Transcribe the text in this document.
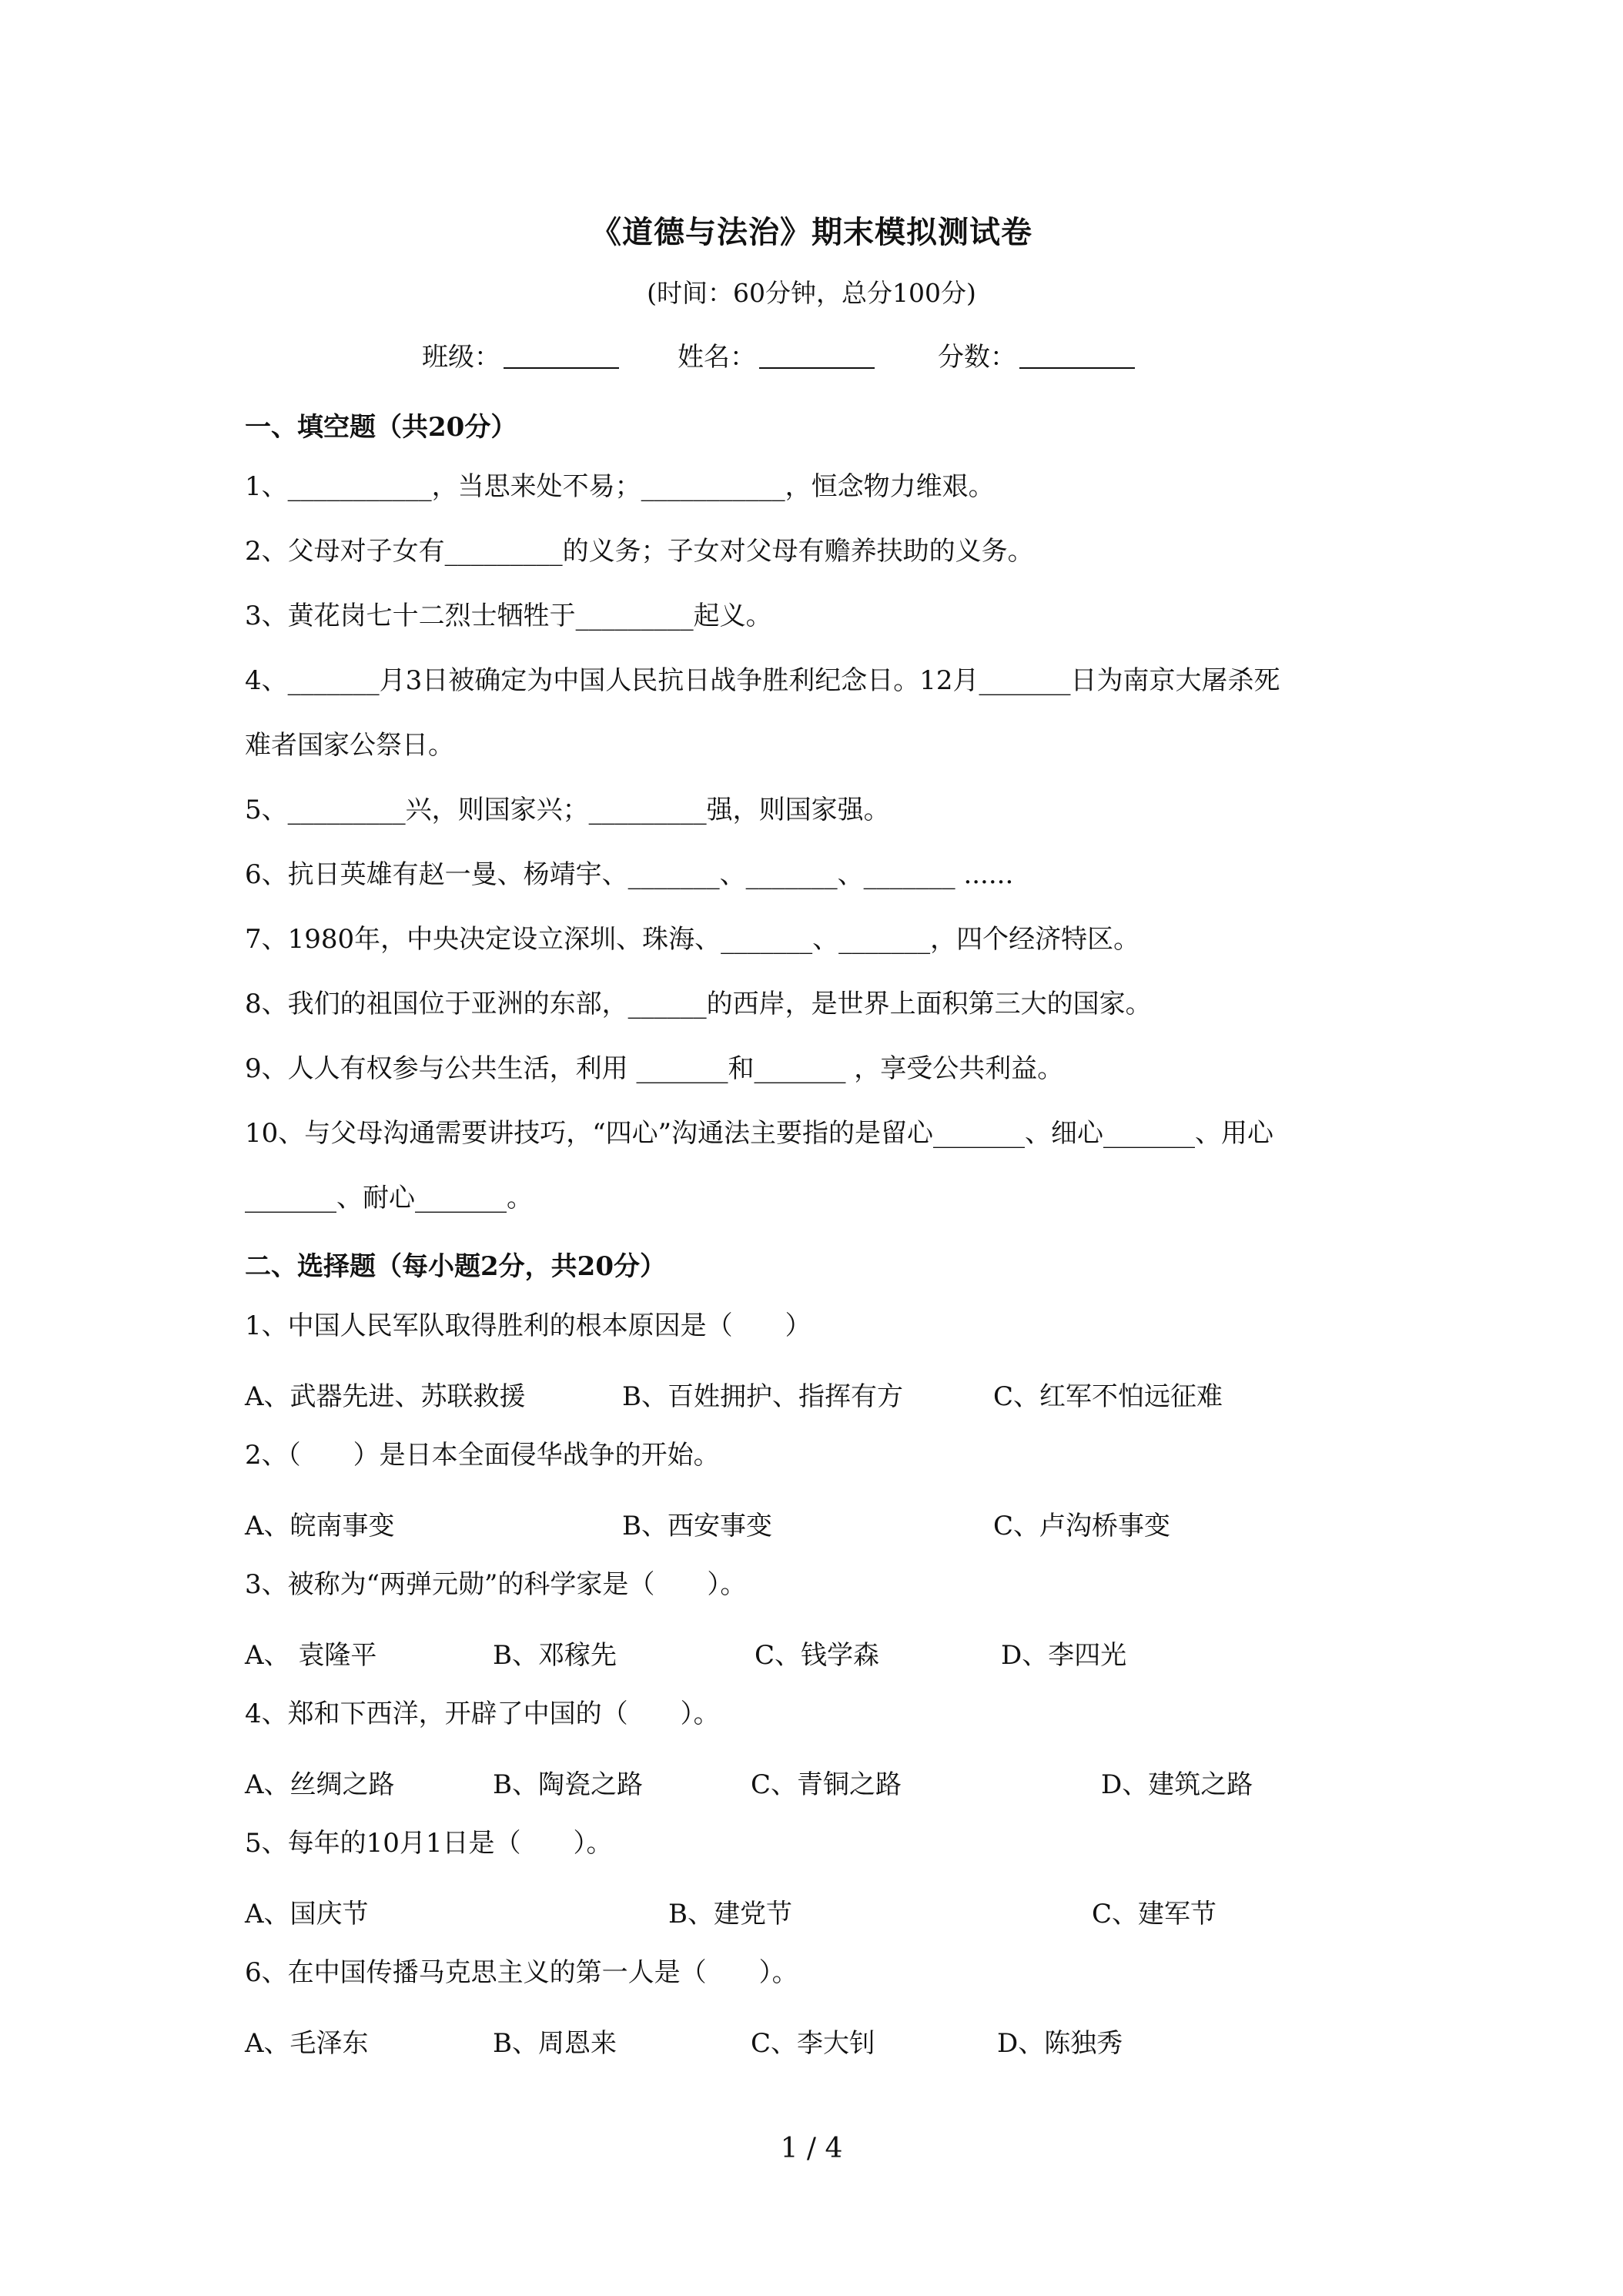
《道德与法治》期末模拟测试卷
(时间：60分钟，总分100分)
班级：	姓名：	分数：
一、填空题（共20分）
1、___________，当思来处不易；___________，恒念物力维艰。
2、父母对子女有_________的义务；子女对父母有赡养扶助的义务。
3、黄花岗七十二烈士牺牲于_________起义。
4、_______月3日被确定为中国人民抗日战争胜利纪念日。12月_______日为南京大屠杀死
难者国家公祭日。
5、_________兴，则国家兴；_________强，则国家强。
6、抗日英雄有赵一曼、杨靖宇、_______、_______、_______ ......
7、1980年，中央决定设立深圳、珠海、_______、_______，四个经济特区。
8、我们的祖国位于亚洲的东部，______的西岸，是世界上面积第三大的国家。
9、人人有权参与公共生活，利用 _______和_______ ，享受公共利益。
10、与父母沟通需要讲技巧，“四心”沟通法主要指的是留心_______、细心_______、用心
_______、耐心_______。
二、选择题（每小题2分，共20分）
1、中国人民军队取得胜利的根本原因是（　　）
A、武器先进、苏联救援	B、百姓拥护、指挥有方	C、红军不怕远征难
2、（　　）是日本全面侵华战争的开始。
A、皖南事变	B、西安事变	C、卢沟桥事变
3、被称为“两弹元勋”的科学家是（　　）。
A、 袁隆平	B、邓稼先	C、钱学森	D、李四光
4、郑和下西洋，开辟了中国的（　　）。
A、丝绸之路	B、陶瓷之路	C、青铜之路	D、建筑之路
5、每年的10月1日是（　　）。
A、国庆节	B、建党节	C、建军节
6、在中国传播马克思主义的第一人是（　　）。
A、毛泽东	B、周恩来	C、李大钊	D、陈独秀
1 / 4
